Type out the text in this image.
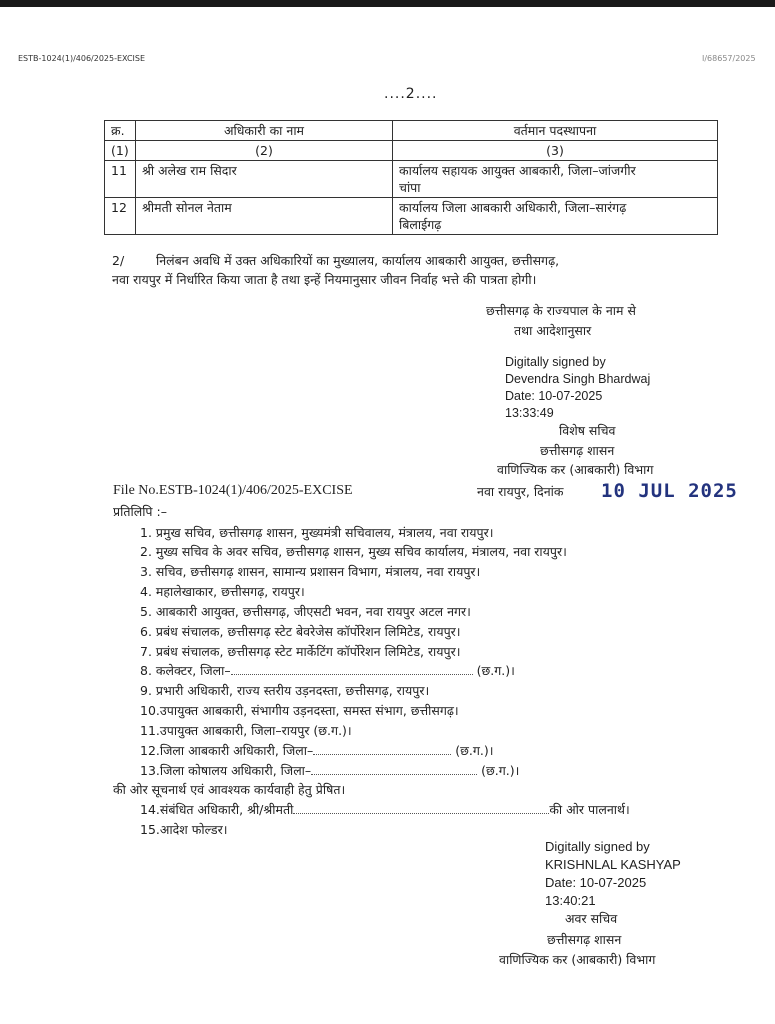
ESTB-1024(1)/406/2025-EXCISE	I/68657/2025
....2....
क्र.	अधिकारी का नाम	वर्तमान पदस्थापना
(1)	(2)	(3)
11	श्री अलेख राम सिदार	कार्यालय सहायक आयुक्त आबकारी, जिला–जांजगीर
चांपा

12	श्रीमती सोनल नेताम	कार्यालय जिला आबकारी अधिकारी, जिला–सारंगढ़
बिलाईगढ़
2/	निलंबन अवधि में उक्त अधिकारियों का मुख्यालय, कार्यालय आबकारी आयुक्त, छत्तीसगढ़,
नवा रायपुर में निर्धारित किया जाता है तथा इन्हें नियमानुसार जीवन निर्वाह भत्ते की पात्रता होगी।
छत्तीसगढ़ के राज्यपाल के नाम से
तथा आदेशानुसार
Digitally signed by
Devendra Singh Bhardwaj
Date: 10-07-2025
13:33:49
विशेष सचिव
छत्तीसगढ़ शासन
वाणिज्यिक कर (आबकारी) विभाग
File No.ESTB-1024(1)/406/2025-EXCISE	नवा रायपुर, दिनांक 10 JUL 2025
प्रतिलिपि :–
1. प्रमुख सचिव, छत्तीसगढ़ शासन, मुख्यमंत्री सचिवालय, मंत्रालय, नवा रायपुर।
2. मुख्य सचिव के अवर सचिव, छत्तीसगढ़ शासन, मुख्य सचिव कार्यालय, मंत्रालय, नवा रायपुर।
3. सचिव, छत्तीसगढ़ शासन, सामान्य प्रशासन विभाग, मंत्रालय, नवा रायपुर।
4. महालेखाकार, छत्तीसगढ़, रायपुर।
5. आबकारी आयुक्त, छत्तीसगढ़, जीएसटी भवन, नवा रायपुर अटल नगर।
6. प्रबंध संचालक, छत्तीसगढ़ स्टेट बेवरेजेस कॉर्पोरेशन लिमिटेड, रायपुर।
7. प्रबंध संचालक, छत्तीसगढ़ स्टेट मार्केटिंग कॉर्पोरेशन लिमिटेड, रायपुर।
8. कलेक्टर, जिला–	(छ.ग.)।
9. प्रभारी अधिकारी, राज्य स्तरीय उड़नदस्ता, छत्तीसगढ़, रायपुर।
10.उपायुक्त आबकारी, संभागीय उड़नदस्ता, समस्त संभाग, छत्तीसगढ़।
11.उपायुक्त आबकारी, जिला–रायपुर (छ.ग.)।
12.जिला आबकारी अधिकारी, जिला–	(छ.ग.)।
13.जिला कोषालय अधिकारी, जिला–	(छ.ग.)।
की ओर सूचनार्थ एवं आवश्यक कार्यवाही हेतु प्रेषित।
14.संबंधित अधिकारी, श्री/श्रीमती	की ओर पालनार्थ।
15.आदेश फोल्डर।
Digitally signed by
KRISHNLAL KASHYAP
Date: 10-07-2025
13:40:21
अवर सचिव
छत्तीसगढ़ शासन
वाणिज्यिक कर (आबकारी) विभाग
